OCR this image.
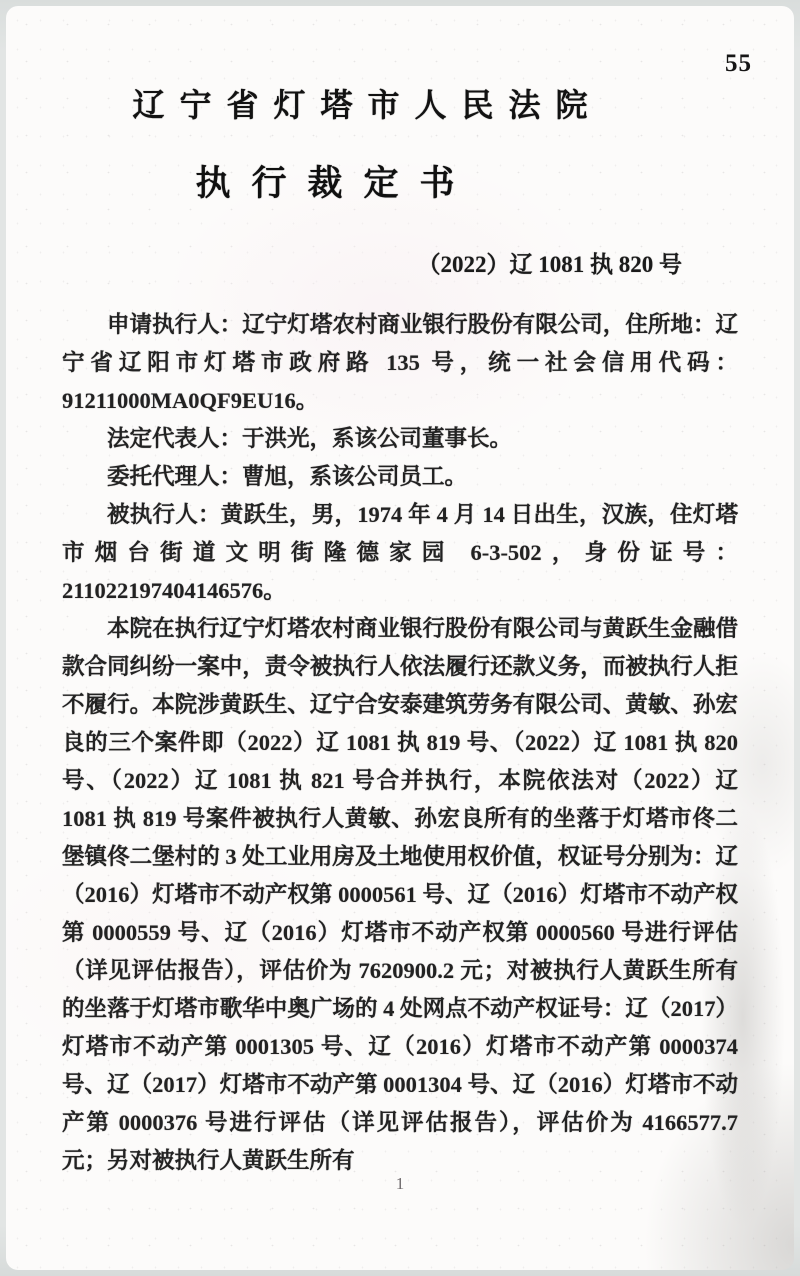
55
辽宁省灯塔市人民法院
执行裁定书
（2022）辽 1081 执 820 号

申请执行人：辽宁灯塔农村商业银行股份有限公司，住所地：辽宁省辽阳市灯塔市政府路 135 号，统一社会信用代码：91211000MA0QF9EU16。

法定代表人：于洪光，系该公司董事长。

委托代理人：曹旭，系该公司员工。

被执行人：黄跃生，男，1974 年 4 月 14 日出生，汉族，住灯塔市烟台街道文明街隆德家园 6-3-502，身份证号：211022197404146576。

本院在执行辽宁灯塔农村商业银行股份有限公司与黄跃生金融借款合同纠纷一案中，责令被执行人依法履行还款义务，而被执行人拒不履行。本院涉黄跃生、辽宁合安泰建筑劳务有限公司、黄敏、孙宏良的三个案件即（2022）辽 1081 执 819 号、（2022）辽 1081 执 820 号、（2022）辽 1081 执 821 号合并执行，本院依法对（2022）辽 1081 执 819 号案件被执行人黄敏、孙宏良所有的坐落于灯塔市佟二堡镇佟二堡村的 3 处工业用房及土地使用权价值，权证号分别为：辽（2016）灯塔市不动产权第 0000561 号、辽（2016）灯塔市不动产权第 0000559 号、辽（2016）灯塔市不动产权第 0000560 号进行评估（详见评估报告），评估价为 7620900.2 元；对被执行人黄跃生所有的坐落于灯塔市歌华中奥广场的 4 处网点不动产权证号：辽（2017）灯塔市不动产第 0001305 号、辽（2016）灯塔市不动产第 0000374 号、辽（2017）灯塔市不动产第 0001304 号、辽（2016）灯塔市不动产第 0000376 号进行评估（详见评估报告），评估价为 4166577.7 元；另对被执行人黄跃生所有

1
